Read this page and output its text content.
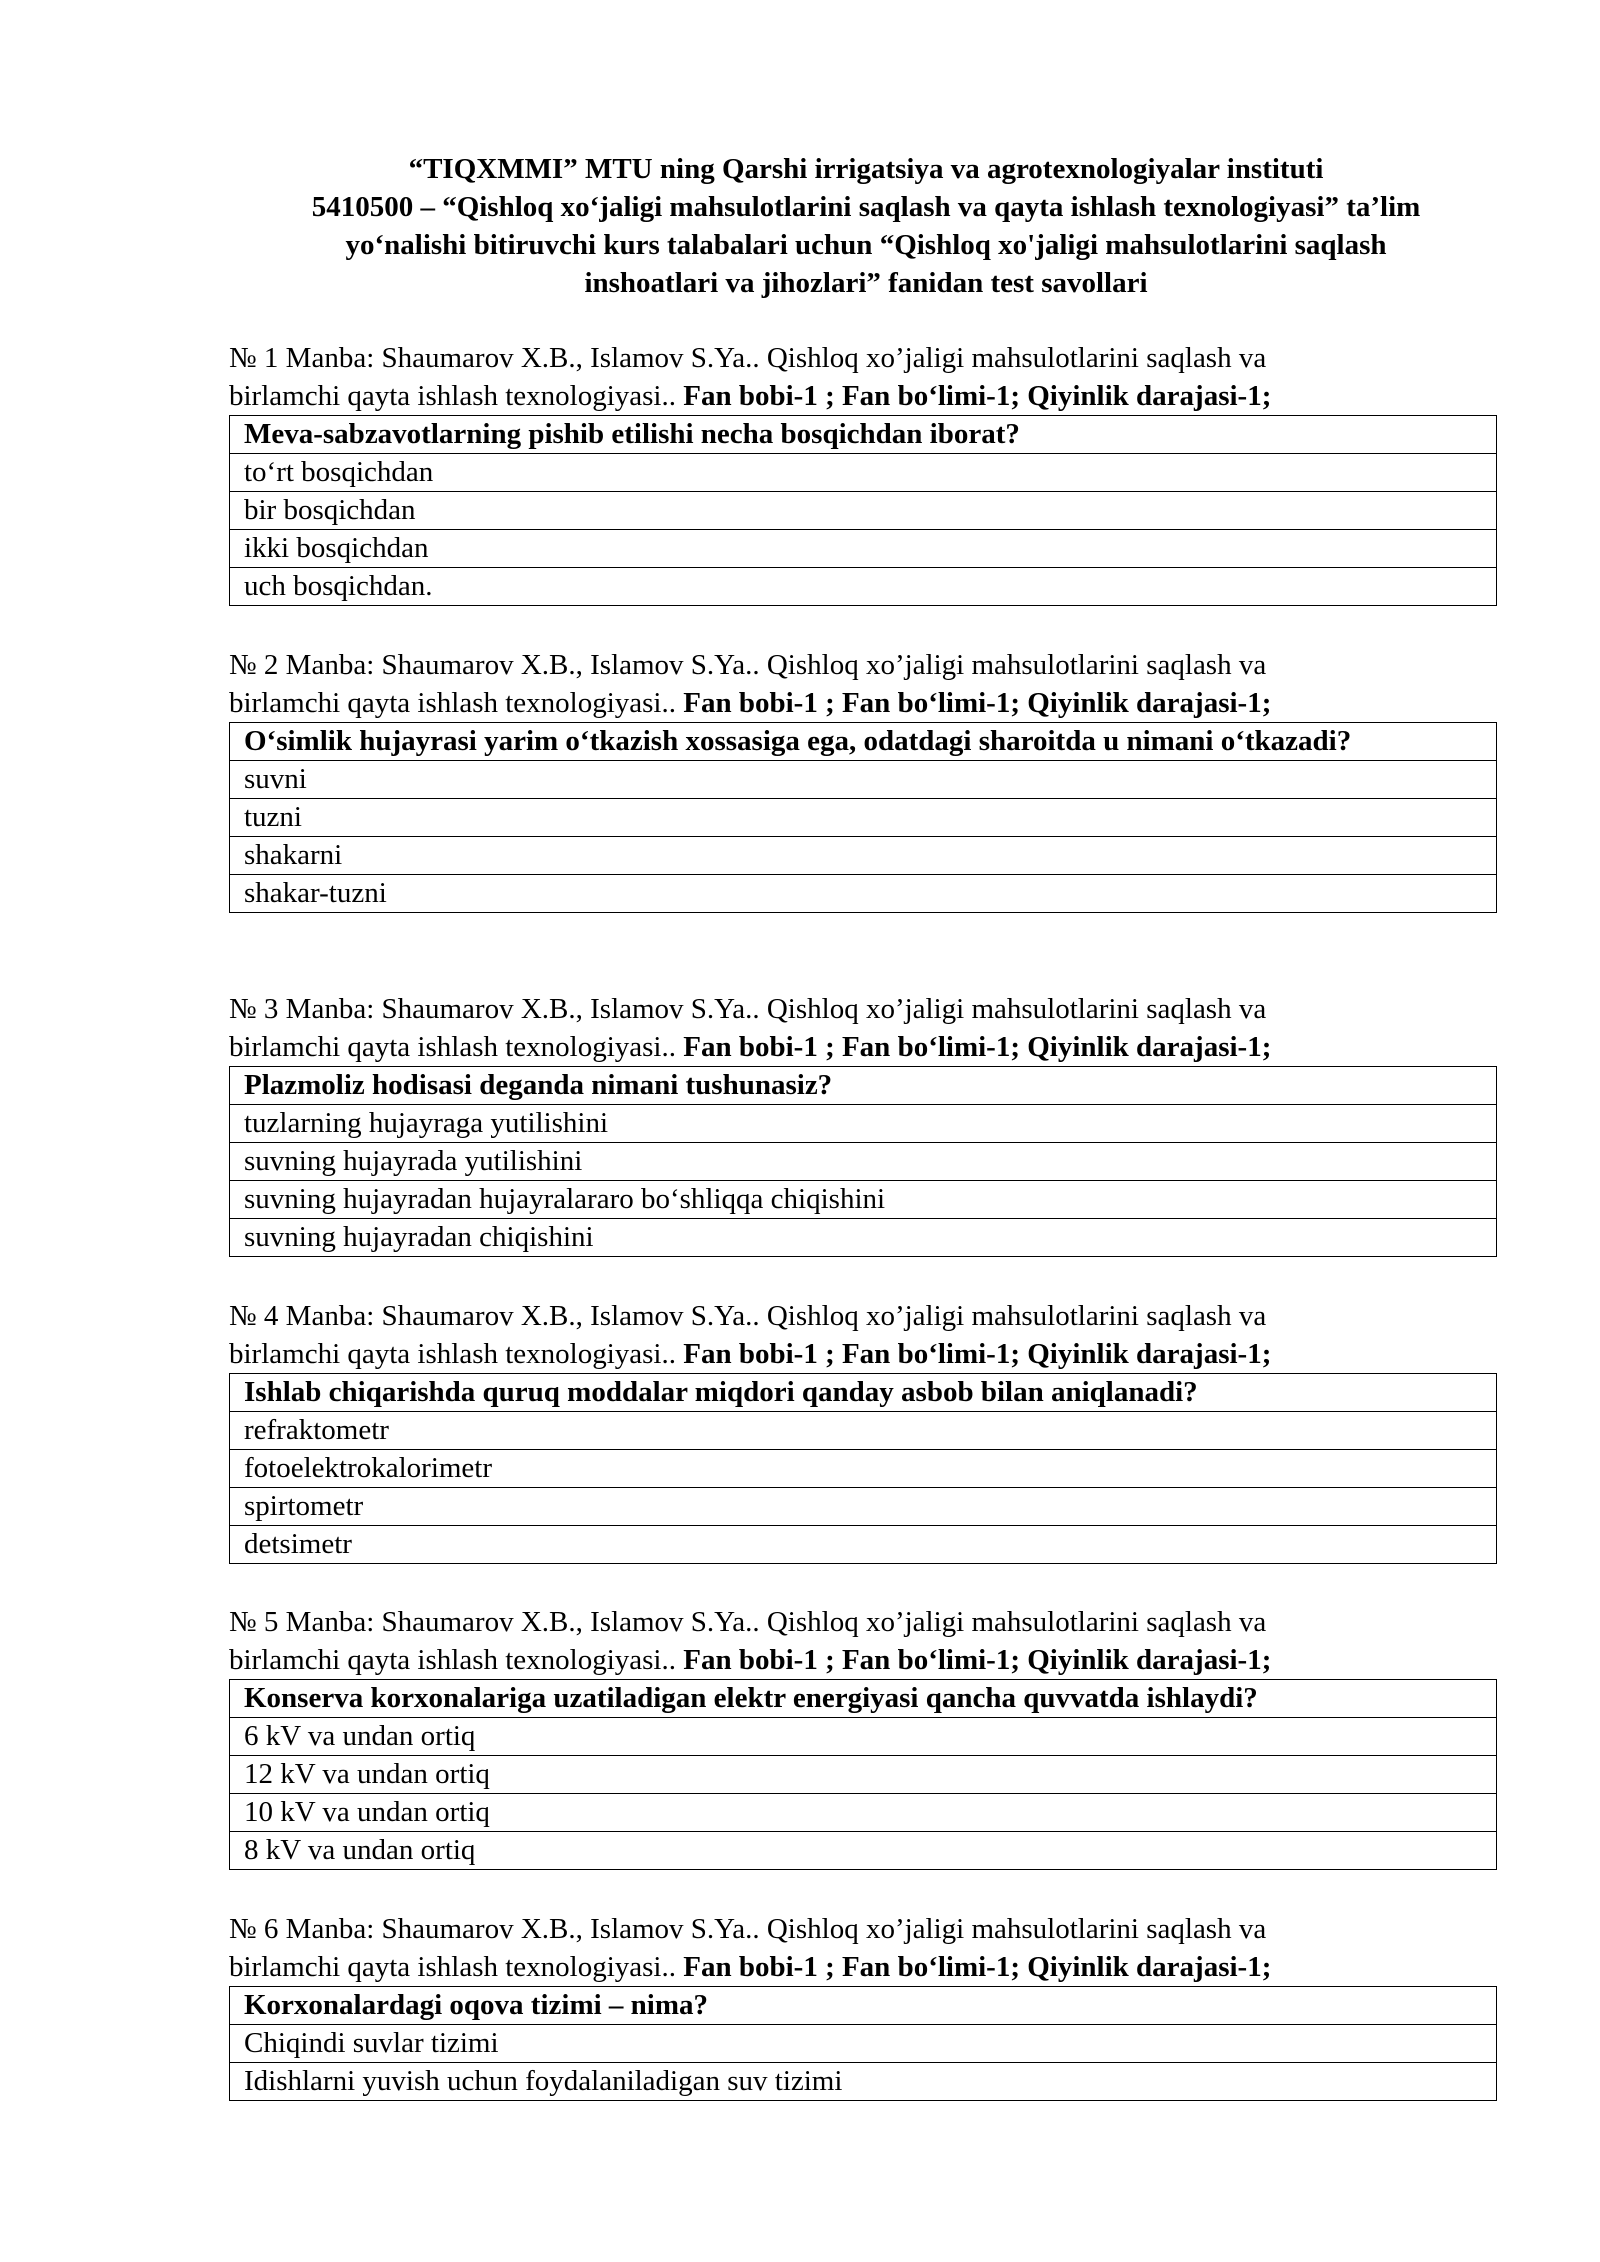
“TIQXMMI” MTU ning Qarshi irrigatsiya va agrotexnologiyalar instituti
5410500 – “Qishloq xo‘jaligi mahsulotlarini saqlash va qayta ishlash texnologiyasi” ta’lim
yo‘nalishi bitiruvchi kurs talabalari uchun “Qishloq xo'jaligi mahsulotlarini saqlash
inshoatlari va jihozlari” fanidan test savollari
№ 1 Manba: Shaumarov X.B., Islamov S.Ya.. Qishloq xo’jaligi mahsulotlarini saqlash va
birlamchi qayta ishlash texnologiyasi.. Fan bobi-1 ; Fan bo‘limi-1; Qiyinlik darajasi-1;
Meva-sabzavotlarning pishib etilishi necha bosqichdan iborat?
to‘rt bosqichdan
bir bosqichdan
ikki bosqichdan
uch bosqichdan.
№ 2 Manba: Shaumarov X.B., Islamov S.Ya.. Qishloq xo’jaligi mahsulotlarini saqlash va
birlamchi qayta ishlash texnologiyasi.. Fan bobi-1 ; Fan bo‘limi-1; Qiyinlik darajasi-1;
O‘simlik hujayrasi yarim o‘tkazish xossasiga ega, odatdagi sharoitda u nimani o‘tkazadi?
suvni
tuzni
shakarni
shakar-tuzni
№ 3 Manba: Shaumarov X.B., Islamov S.Ya.. Qishloq xo’jaligi mahsulotlarini saqlash va
birlamchi qayta ishlash texnologiyasi.. Fan bobi-1 ; Fan bo‘limi-1; Qiyinlik darajasi-1;
Plazmoliz hodisasi deganda nimani tushunasiz?
tuzlarning hujayraga yutilishini
suvning hujayrada yutilishini
suvning hujayradan hujayralararo bo‘shliqqa chiqishini
suvning hujayradan chiqishini
№ 4 Manba: Shaumarov X.B., Islamov S.Ya.. Qishloq xo’jaligi mahsulotlarini saqlash va
birlamchi qayta ishlash texnologiyasi.. Fan bobi-1 ; Fan bo‘limi-1; Qiyinlik darajasi-1;
Ishlab chiqarishda quruq moddalar miqdori qanday asbob bilan aniqlanadi?
refraktometr
fotoelektrokalorimetr
spirtometr
detsimetr
№ 5 Manba: Shaumarov X.B., Islamov S.Ya.. Qishloq xo’jaligi mahsulotlarini saqlash va
birlamchi qayta ishlash texnologiyasi.. Fan bobi-1 ; Fan bo‘limi-1; Qiyinlik darajasi-1;
Konserva korxonalariga uzatiladigan elektr energiyasi qancha quvvatda ishlaydi?
6 kV va undan ortiq
12 kV va undan ortiq
10 kV va undan ortiq
8 kV va undan ortiq
№ 6 Manba: Shaumarov X.B., Islamov S.Ya.. Qishloq xo’jaligi mahsulotlarini saqlash va
birlamchi qayta ishlash texnologiyasi.. Fan bobi-1 ; Fan bo‘limi-1; Qiyinlik darajasi-1;
Korxonalardagi oqova tizimi – nima?
Chiqindi suvlar tizimi
Idishlarni yuvish uchun foydalaniladigan suv tizimi
